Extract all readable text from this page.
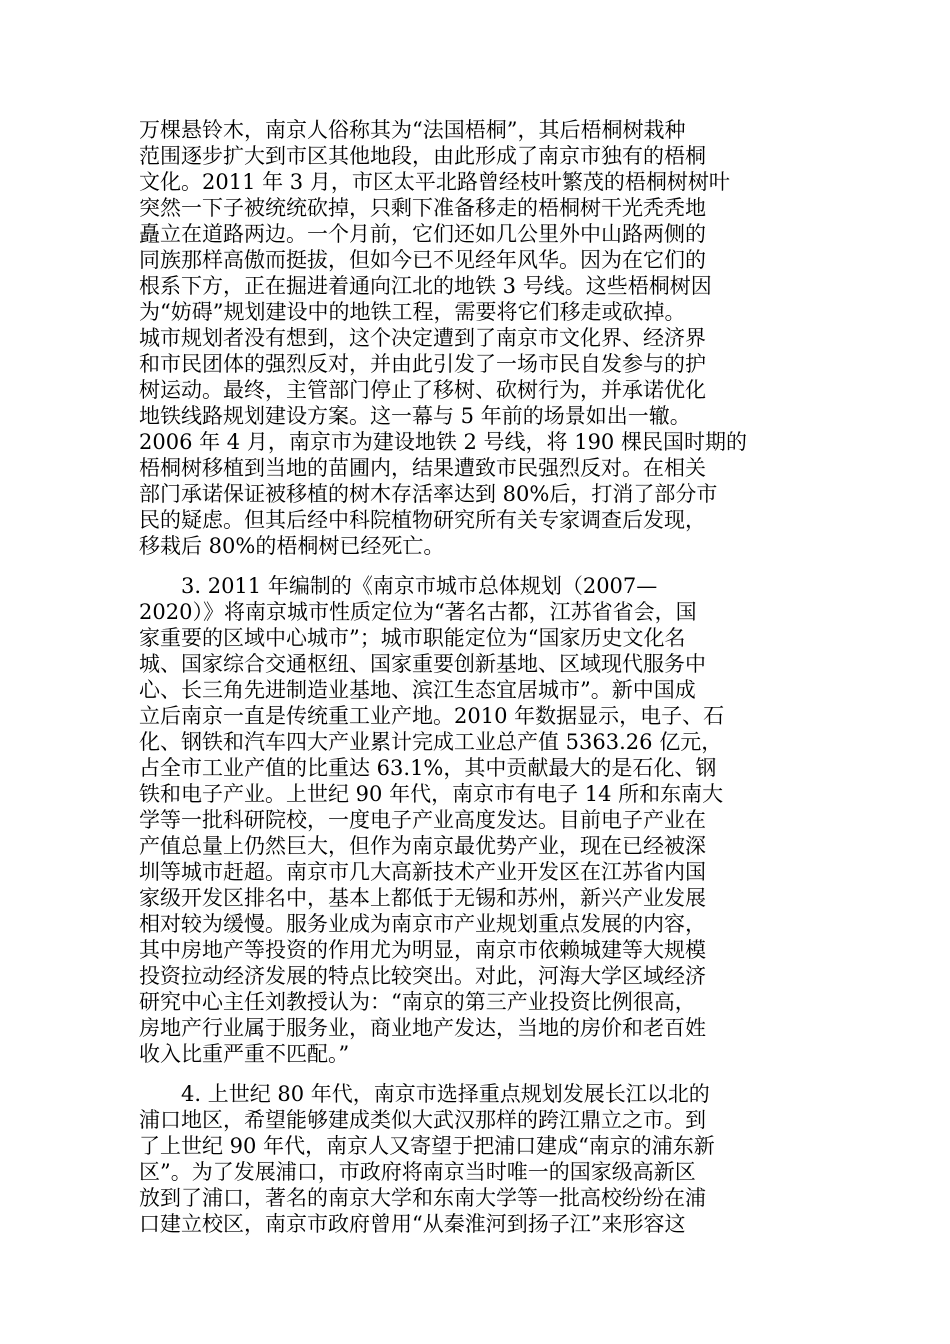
万棵悬铃木，南京人俗称其为“法国梧桐”，其后梧桐树栽种
范围逐步扩大到市区其他地段，由此形成了南京市独有的梧桐
文化。2011 年 3 月，市区太平北路曾经枝叶繁茂的梧桐树树叶
突然一下子被统统砍掉，只剩下准备移走的梧桐树干光秃秃地
矗立在道路两边。一个月前，它们还如几公里外中山路两侧的
同族那样高傲而挺拔，但如今已不见经年风华。因为在它们的
根系下方，正在掘进着通向江北的地铁 3 号线。这些梧桐树因
为“妨碍”规划建设中的地铁工程，需要将它们移走或砍掉。
城市规划者没有想到，这个决定遭到了南京市文化界、经济界
和市民团体的强烈反对，并由此引发了一场市民自发参与的护
树运动。最终，主管部门停止了移树、砍树行为，并承诺优化
地铁线路规划建设方案。这一幕与 5 年前的场景如出一辙。
2006 年 4 月，南京市为建设地铁 2 号线，将 190 棵民国时期的
梧桐树移植到当地的苗圃内，结果遭致市民强烈反对。在相关
部门承诺保证被移植的树木存活率达到 80%后，打消了部分市
民的疑虑。但其后经中科院植物研究所有关专家调查后发现，
移栽后 80%的梧桐树已经死亡。
3. 2011 年编制的《南京市城市总体规划（2007—
2020）》将南京城市性质定位为“著名古都，江苏省省会，国
家重要的区域中心城市”；城市职能定位为“国家历史文化名
城、国家综合交通枢纽、国家重要创新基地、区域现代服务中
心、长三角先进制造业基地、滨江生态宜居城市”。新中国成
立后南京一直是传统重工业产地。2010 年数据显示，电子、石
化、钢铁和汽车四大产业累计完成工业总产值 5363.26 亿元，
占全市工业产值的比重达 63.1%，其中贡献最大的是石化、钢
铁和电子产业。上世纪 90 年代，南京市有电子 14 所和东南大
学等一批科研院校，一度电子产业高度发达。目前电子产业在
产值总量上仍然巨大，但作为南京最优势产业，现在已经被深
圳等城市赶超。南京市几大高新技术产业开发区在江苏省内国
家级开发区排名中，基本上都低于无锡和苏州，新兴产业发展
相对较为缓慢。服务业成为南京市产业规划重点发展的内容，
其中房地产等投资的作用尤为明显，南京市依赖城建等大规模
投资拉动经济发展的特点比较突出。对此，河海大学区域经济
研究中心主任刘教授认为：“南京的第三产业投资比例很高，
房地产行业属于服务业，商业地产发达，当地的房价和老百姓
收入比重严重不匹配。”
4. 上世纪 80 年代，南京市选择重点规划发展长江以北的
浦口地区，希望能够建成类似大武汉那样的跨江鼎立之市。到
了上世纪 90 年代，南京人又寄望于把浦口建成“南京的浦东新
区”。为了发展浦口，市政府将南京当时唯一的国家级高新区
放到了浦口，著名的南京大学和东南大学等一批高校纷纷在浦
口建立校区，南京市政府曾用“从秦淮河到扬子江”来形容这
